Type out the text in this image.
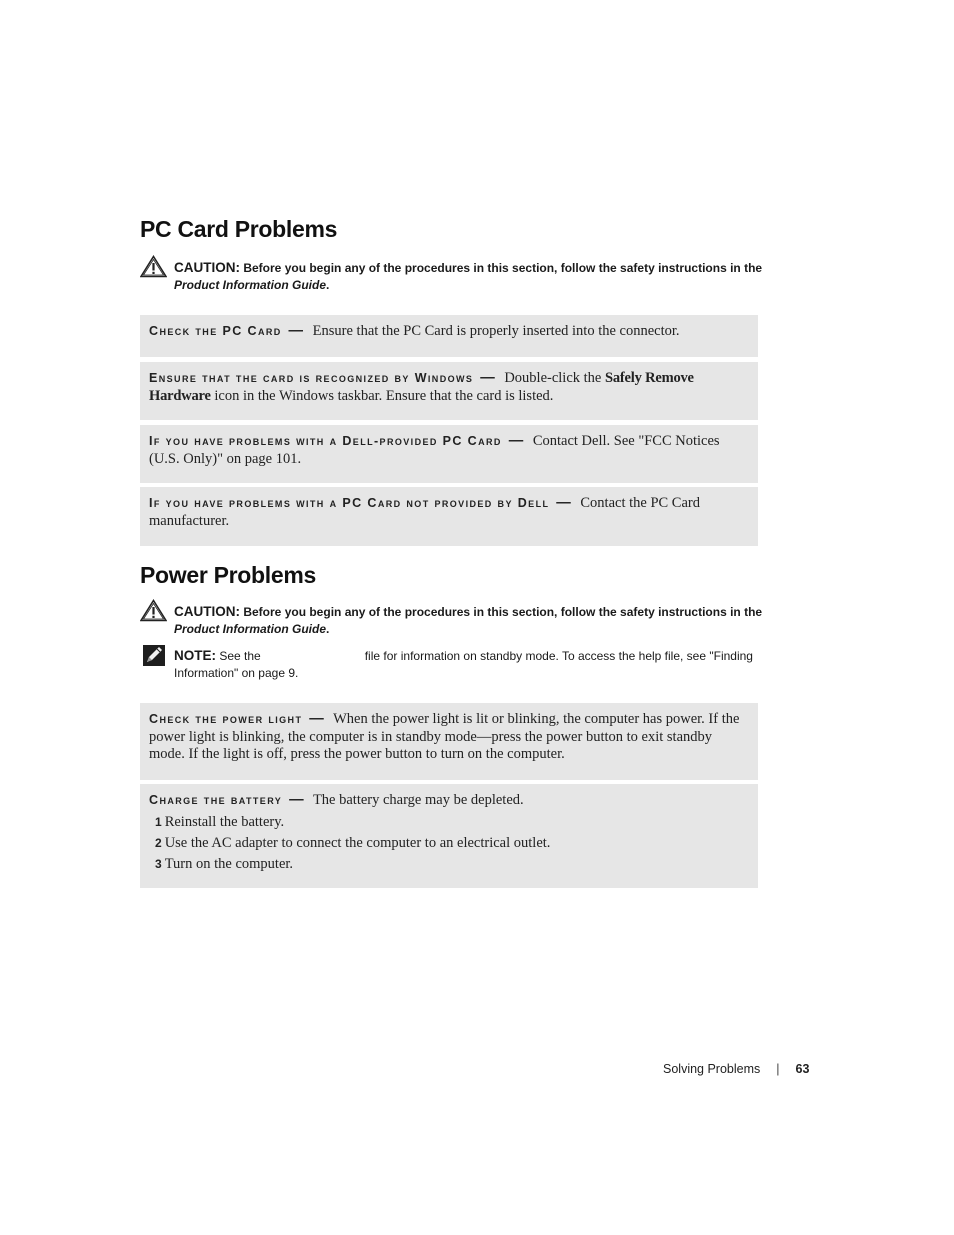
PC Card Problems
CAUTION: Before you begin any of the procedures in this section, follow the safety instructions in the Product Information Guide.
Check the PC Card — Ensure that the PC Card is properly inserted into the connector.
Ensure that the card is recognized by Windows — Double-click the Safely Remove Hardware icon in the Windows taskbar. Ensure that the card is listed.
If you have problems with a Dell-provided PC Card — Contact Dell. See "FCC Notices (U.S. Only)" on page 101.
If you have problems with a PC Card not provided by Dell — Contact the PC Card manufacturer.
Power Problems
CAUTION: Before you begin any of the procedures in this section, follow the safety instructions in the Product Information Guide.
NOTE: See the	file for information on standby mode. To access the help file, see "Finding Information" on page 9.
Check the power light — When the power light is lit or blinking, the computer has power. If the power light is blinking, the computer is in standby mode—press the power button to exit standby mode. If the light is off, press the power button to turn on the computer.
Charge the battery — The battery charge may be depleted.
1 Reinstall the battery.
2 Use the AC adapter to connect the computer to an electrical outlet.
3 Turn on the computer.
Solving Problems | 63
